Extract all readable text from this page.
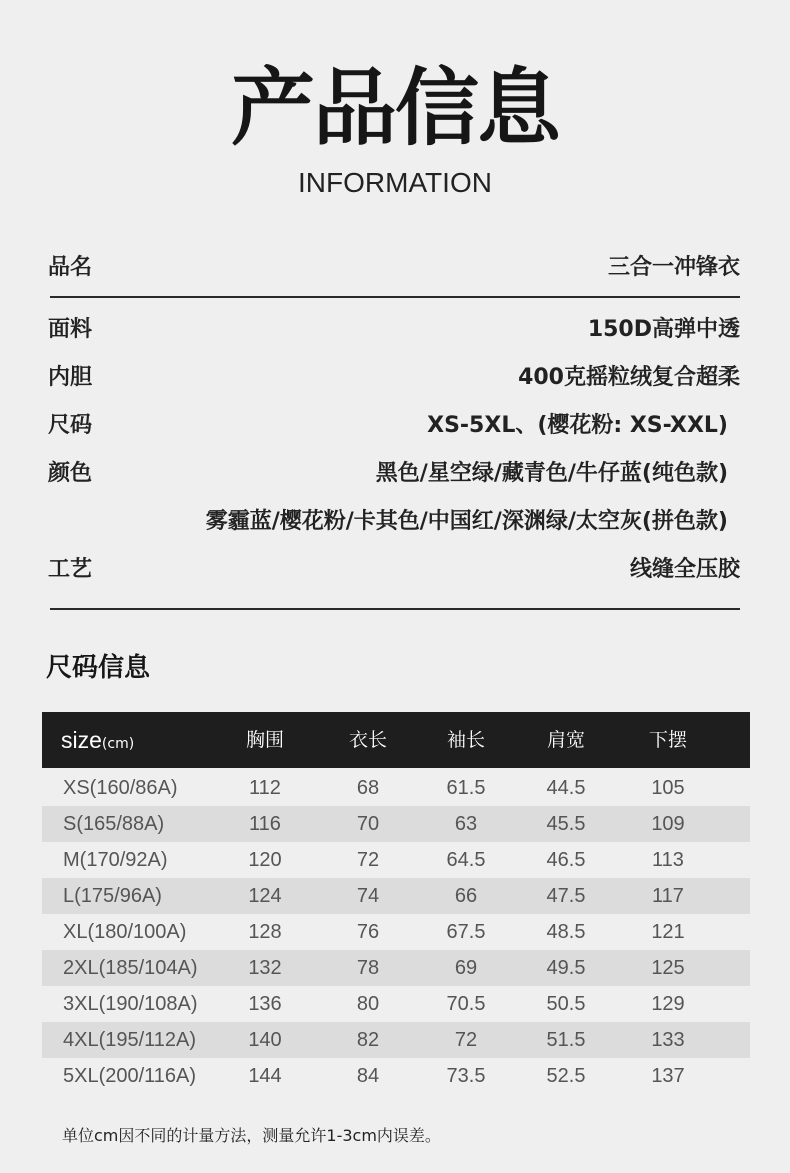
产品信息
INFORMATION
品名	三合一冲锋衣
面料	150D高弹中透
内胆	400克摇粒绒复合超柔
尺码	XS-5XL、(樱花粉: XS-XXL)
颜色	黑色/星空绿/藏青色/牛仔蓝(纯色款)
雾霾蓝/樱花粉/卡其色/中国红/深渊绿/太空灰(拼色款)
工艺	线缝全压胶
尺码信息
size(cm)	胸围	衣长	袖长	肩宽	下摆
XS(160/86A)	112	68	61.5	44.5	105
S(165/88A)	116	70	63	45.5	109
M(170/92A)	120	72	64.5	46.5	113
L(175/96A)	124	74	66	47.5	117
XL(180/100A)	128	76	67.5	48.5	121
2XL(185/104A)	132	78	69	49.5	125
3XL(190/108A)	136	80	70.5	50.5	129
4XL(195/112A)	140	82	72	51.5	133
5XL(200/116A)	144	84	73.5	52.5	137
单位cm因不同的计量方法，测量允许1-3cm内误差。
